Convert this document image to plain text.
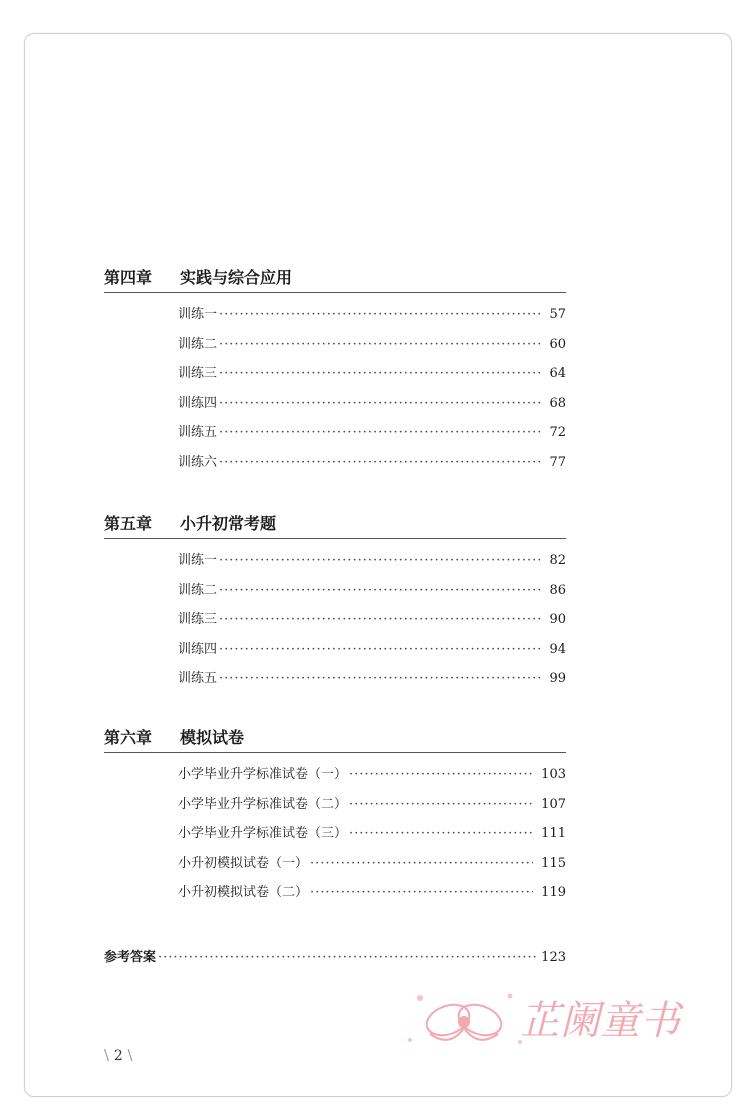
第四章	实践与综合应用
训练一 ·····	57
训练二 ·····	60
训练三 ·····	64
训练四 ·····	68
训练五 ·····	72
训练六 ·····	77
第五章	小升初常考题
训练一 ·····	82
训练二 ·····	86
训练三 ·····	90
训练四 ·····	94
训练五 ·····	99
第六章	模拟试卷
小学毕业升学标准试卷（一） ·····	103
小学毕业升学标准试卷（二） ·····	107
小学毕业升学标准试卷（三） ·····	111
小升初模拟试卷（一） ·····	115
小升初模拟试卷（二） ·····	119
参考答案 ·····	123
\ 2 \
芷阑童书
